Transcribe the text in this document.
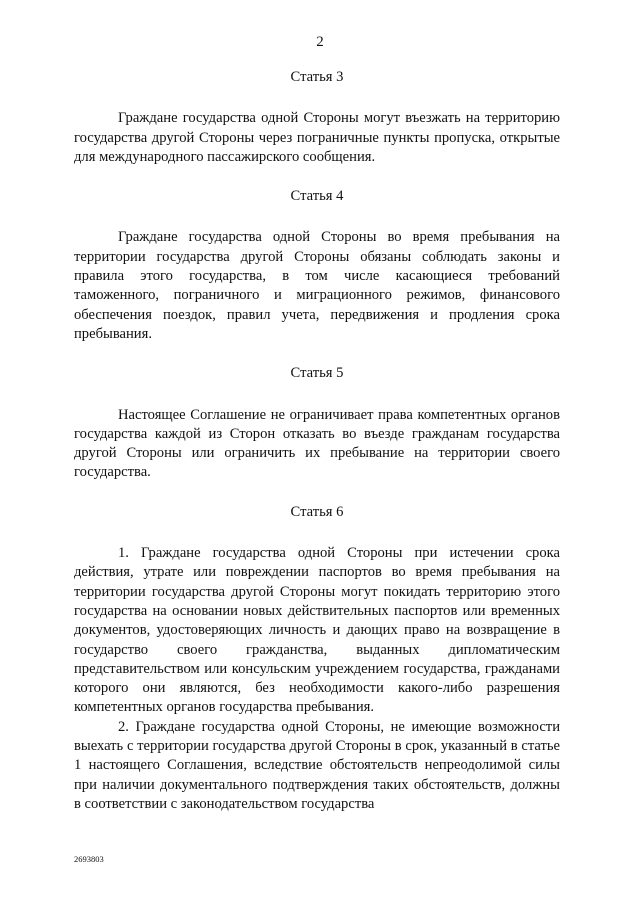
2

Статья 3

Граждане государства одной Стороны могут въезжать на территорию государства другой Стороны через пограничные пункты пропуска, открытые для международного пассажирского сообщения.

Статья 4

Граждане государства одной Стороны во время пребывания на территории государства другой Стороны обязаны соблюдать законы и правила этого государства, в том числе касающиеся требований таможенного, пограничного и миграционного режимов, финансового обеспечения поездок, правил учета, передвижения и продления срока пребывания.

Статья 5

Настоящее Соглашение не ограничивает права компетентных органов государства каждой из Сторон отказать во въезде гражданам государства другой Стороны или ограничить их пребывание на территории своего государства.

Статья 6

1. Граждане государства одной Стороны при истечении срока действия, утрате или повреждении паспортов во время пребывания на территории государства другой Стороны могут покидать территорию этого государства на основании новых действительных паспортов или временных документов, удостоверяющих личность и дающих право на возвращение в государство своего гражданства, выданных дипломатическим представительством или консульским учреждением государства, гражданами которого они являются, без необходимости какого-либо разрешения компетентных органов государства пребывания.

2. Граждане государства одной Стороны, не имеющие возможности выехать с территории государства другой Стороны в срок, указанный в статье 1 настоящего Соглашения, вследствие обстоятельств непреодолимой силы при наличии документального подтверждения таких обстоятельств, должны в соответствии с законодательством государства

2693803
